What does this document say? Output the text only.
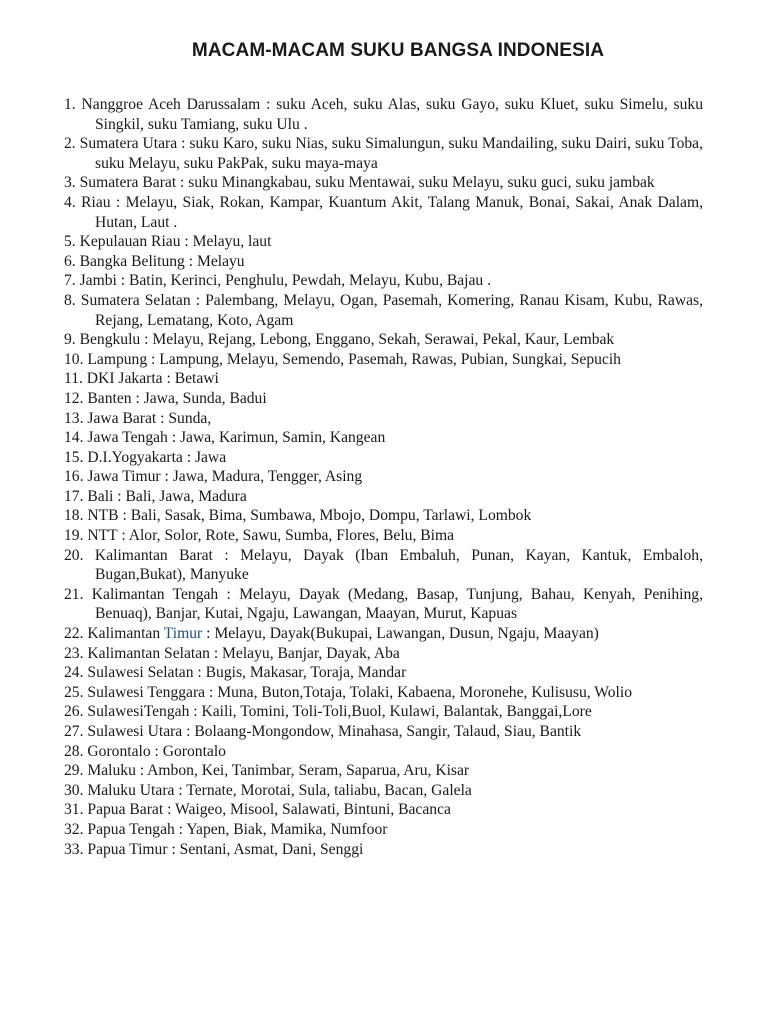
MACAM-MACAM SUKU BANGSA INDONESIA
1. Nanggroe Aceh Darussalam : suku Aceh, suku Alas, suku Gayo, suku Kluet, suku Simelu, suku Singkil, suku Tamiang, suku Ulu .
2. Sumatera Utara : suku Karo, suku Nias, suku Simalungun, suku Mandailing, suku Dairi, suku Toba, suku Melayu, suku PakPak, suku maya-maya
3. Sumatera Barat : suku Minangkabau, suku Mentawai, suku Melayu, suku guci, suku jambak
4. Riau : Melayu, Siak, Rokan, Kampar, Kuantum Akit, Talang Manuk, Bonai, Sakai, Anak Dalam, Hutan, Laut .
5. Kepulauan Riau : Melayu, laut
6. Bangka Belitung : Melayu
7. Jambi : Batin, Kerinci, Penghulu, Pewdah, Melayu, Kubu, Bajau .
8. Sumatera Selatan : Palembang, Melayu, Ogan, Pasemah, Komering, Ranau Kisam, Kubu, Rawas, Rejang, Lematang, Koto, Agam
9. Bengkulu : Melayu, Rejang, Lebong, Enggano, Sekah, Serawai, Pekal, Kaur, Lembak
10. Lampung : Lampung, Melayu, Semendo, Pasemah, Rawas, Pubian, Sungkai, Sepucih
11. DKI Jakarta : Betawi
12. Banten : Jawa, Sunda, Badui
13. Jawa Barat : Sunda,
14. Jawa Tengah : Jawa, Karimun, Samin, Kangean
15. D.I.Yogyakarta : Jawa
16. Jawa Timur : Jawa, Madura, Tengger, Asing
17. Bali : Bali, Jawa, Madura
18. NTB : Bali, Sasak, Bima, Sumbawa, Mbojo, Dompu, Tarlawi, Lombok
19. NTT : Alor, Solor, Rote, Sawu, Sumba, Flores, Belu, Bima
20. Kalimantan Barat : Melayu, Dayak (Iban Embaluh, Punan, Kayan, Kantuk, Embaloh, Bugan,Bukat), Manyuke
21. Kalimantan Tengah : Melayu, Dayak (Medang, Basap, Tunjung, Bahau, Kenyah, Penihing, Benuaq), Banjar, Kutai, Ngaju, Lawangan, Maayan, Murut, Kapuas
22. Kalimantan Timur : Melayu, Dayak(Bukupai, Lawangan, Dusun, Ngaju, Maayan)
23. Kalimantan Selatan : Melayu, Banjar, Dayak, Aba
24. Sulawesi Selatan : Bugis, Makasar, Toraja, Mandar
25. Sulawesi Tenggara : Muna, Buton,Totaja, Tolaki, Kabaena, Moronehe, Kulisusu, Wolio
26. SulawesiTengah : Kaili, Tomini, Toli-Toli,Buol, Kulawi, Balantak, Banggai,Lore
27. Sulawesi Utara : Bolaang-Mongondow, Minahasa, Sangir, Talaud, Siau, Bantik
28. Gorontalo : Gorontalo
29. Maluku : Ambon, Kei, Tanimbar, Seram, Saparua, Aru, Kisar
30. Maluku Utara : Ternate, Morotai, Sula, taliabu, Bacan, Galela
31. Papua Barat : Waigeo, Misool, Salawati, Bintuni, Bacanca
32. Papua Tengah : Yapen, Biak, Mamika, Numfoor
33. Papua Timur : Sentani, Asmat, Dani, Senggi
